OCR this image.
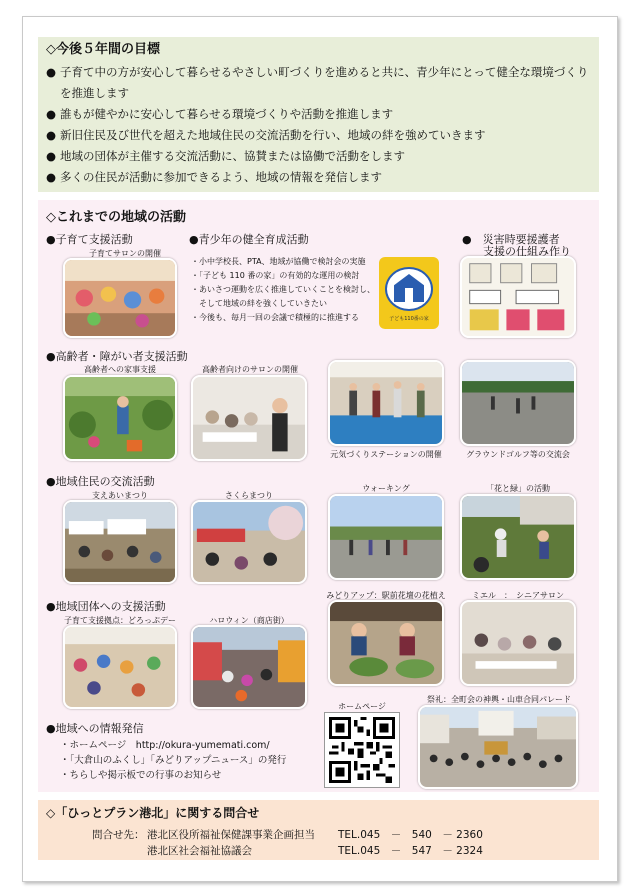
◇今後５年間の目標
● 子育て中の方が安心して暮らせるやさしい町づくりを進めると共に、青少年にとって健全な環境づくりを推進します
● 誰もが健やかに安心して暮らせる環境づくりや活動を推進します
● 新旧住民及び世代を超えた地域住民の交流活動を行い、地域の絆を強めていきます
● 地域の団体が主催する交流活動に、協賛または協働で活動をします
● 多くの住民が活動に参加できるよう、地域の情報を発信します
◇これまでの地域の活動
●子育て支援活動
子育てサロンの開催
●青少年の健全育成活動
・小中学校長、PTA、地域が協働で検討会の実施
・「子ども 110 番の家」の有効的な運用の検討
・あいさつ運動を広く推進していくことを検討し、
　そして地域の絆を強くしていきたい
・今後も、毎月一回の会議で積極的に推進する	子ども110番の家
●　災害時要援護者
支援の仕組み作り
●高齢者・障がい者支援活動
高齢者への家事支援	高齢者向けのサロンの開催
元気づくりステーションの開催	グラウンドゴルフ等の交流会
●地域住民の交流活動
支えあいまつり	さくらまつり
ウォーキング	「花と緑」の活動
●地域団体への支援活動
子育て支援拠点：どろっぷデー	ハロウィン（商店街）
みどりアップ：駅前花壇の花植え	ミエル　：　シニアサロン
●地域への情報発信
・ホームページ　http://okura-yumemati.com/
・「大倉山のふくし」「みどりアップニュース」の発行
・ちらしや掲示板での行事のお知らせ
ホームページ
祭礼：全町会の神輿・山車合同パレード
◇「ひっとプラン港北」に関する問合せ
問合せ先： 港北区役所福祉保健課事業企画担当 TEL.045　－　540　－ 2360
港北区社会福祉協議会	TEL.045　－　547　－ 2324
